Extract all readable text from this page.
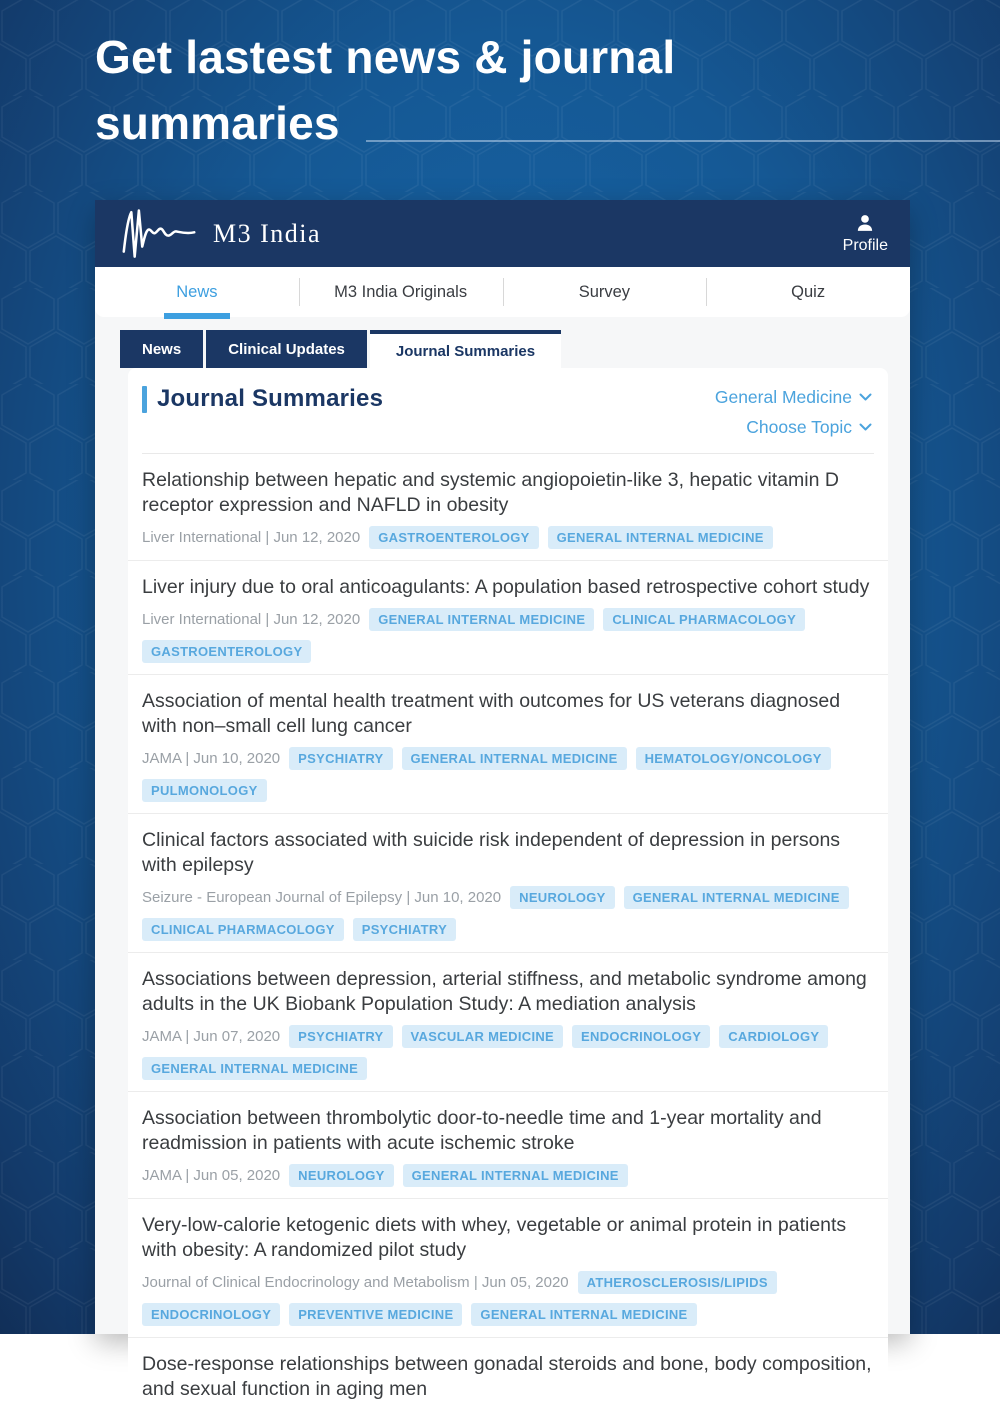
Get lastest news & journal
summaries
M3 India	Profile
News	M3 India Originals	Survey	Quiz
News	Clinical Updates	Journal Summaries
Journal Summaries	General Medicine
Choose Topic
Relationship between hepatic and systemic angiopoietin-like 3, hepatic vitamin D receptor expression and NAFLD in obesity
Liver International | Jun 12, 2020	GASTROENTEROLOGY	GENERAL INTERNAL MEDICINE
Liver injury due to oral anticoagulants: A population based retrospective cohort study
Liver International | Jun 12, 2020	GENERAL INTERNAL MEDICINE	CLINICAL PHARMACOLOGY
GASTROENTEROLOGY
Association of mental health treatment with outcomes for US veterans diagnosed with non–small cell lung cancer
JAMA | Jun 10, 2020	PSYCHIATRY	GENERAL INTERNAL MEDICINE	HEMATOLOGY/ONCOLOGY
PULMONOLOGY
Clinical factors associated with suicide risk independent of depression in persons with epilepsy
Seizure - European Journal of Epilepsy | Jun 10, 2020	NEUROLOGY	GENERAL INTERNAL MEDICINE
CLINICAL PHARMACOLOGY	PSYCHIATRY
Associations between depression, arterial stiffness, and metabolic syndrome among adults in the UK Biobank Population Study: A mediation analysis
JAMA | Jun 07, 2020	PSYCHIATRY	VASCULAR MEDICINE	ENDOCRINOLOGY	CARDIOLOGY
GENERAL INTERNAL MEDICINE
Association between thrombolytic door-to-needle time and 1-year mortality and readmission in patients with acute ischemic stroke
JAMA | Jun 05, 2020	NEUROLOGY	GENERAL INTERNAL MEDICINE
Very-low-calorie ketogenic diets with whey, vegetable or animal protein in patients with obesity: A randomized pilot study
Journal of Clinical Endocrinology and Metabolism | Jun 05, 2020	ATHEROSCLEROSIS/LIPIDS
ENDOCRINOLOGY	PREVENTIVE MEDICINE	GENERAL INTERNAL MEDICINE
Dose-response relationships between gonadal steroids and bone, body composition, and sexual function in aging men
